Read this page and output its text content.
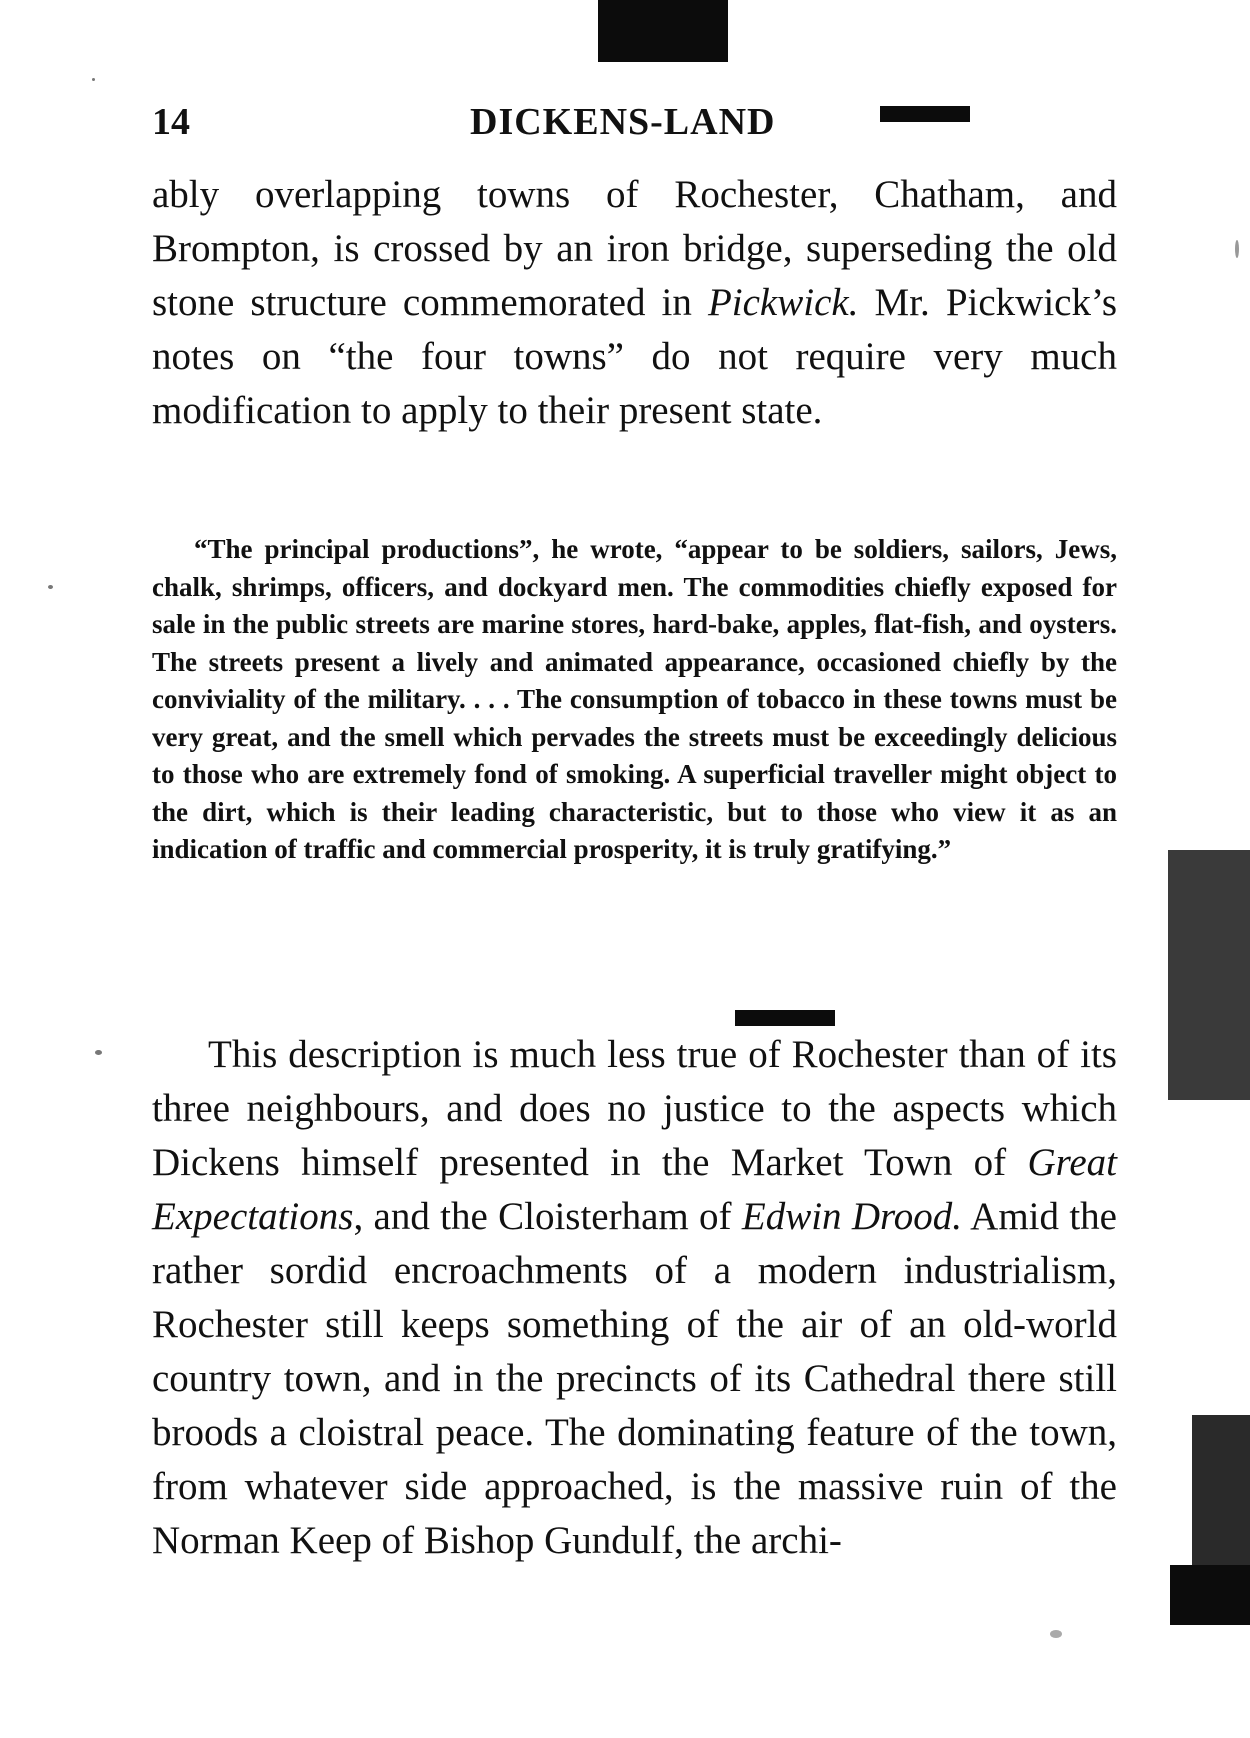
14	DICKENS-LAND

ably overlapping towns of Rochester, Chatham, and Brompton, is crossed by an iron bridge, superseding the old stone structure commemorated in Pickwick. Mr. Pickwick’s notes on “the four towns” do not require very much modification to apply to their present state.

“The principal productions”, he wrote, “appear to be soldiers, sailors, Jews, chalk, shrimps, officers, and dockyard men. The commodities chiefly exposed for sale in the public streets are marine stores, hard-bake, apples, flat-fish, and oysters. The streets present a lively and animated appearance, occasioned chiefly by the conviviality of the military. . . . The consumption of tobacco in these towns must be very great, and the smell which pervades the streets must be exceedingly delicious to those who are extremely fond of smoking. A superficial traveller might object to the dirt, which is their leading characteristic, but to those who view it as an indication of traffic and commercial prosperity, it is truly gratifying.”

This description is much less true of Rochester than of its three neighbours, and does no justice to the aspects which Dickens himself presented in the Market Town of Great Expectations, and the Cloisterham of Edwin Drood. Amid the rather sordid encroachments of a modern industrialism, Rochester still keeps something of the air of an old-world country town, and in the precincts of its Cathedral there still broods a cloistral peace. The dominating feature of the town, from whatever side approached, is the massive ruin of the Norman Keep of Bishop Gundulf, the archi-
